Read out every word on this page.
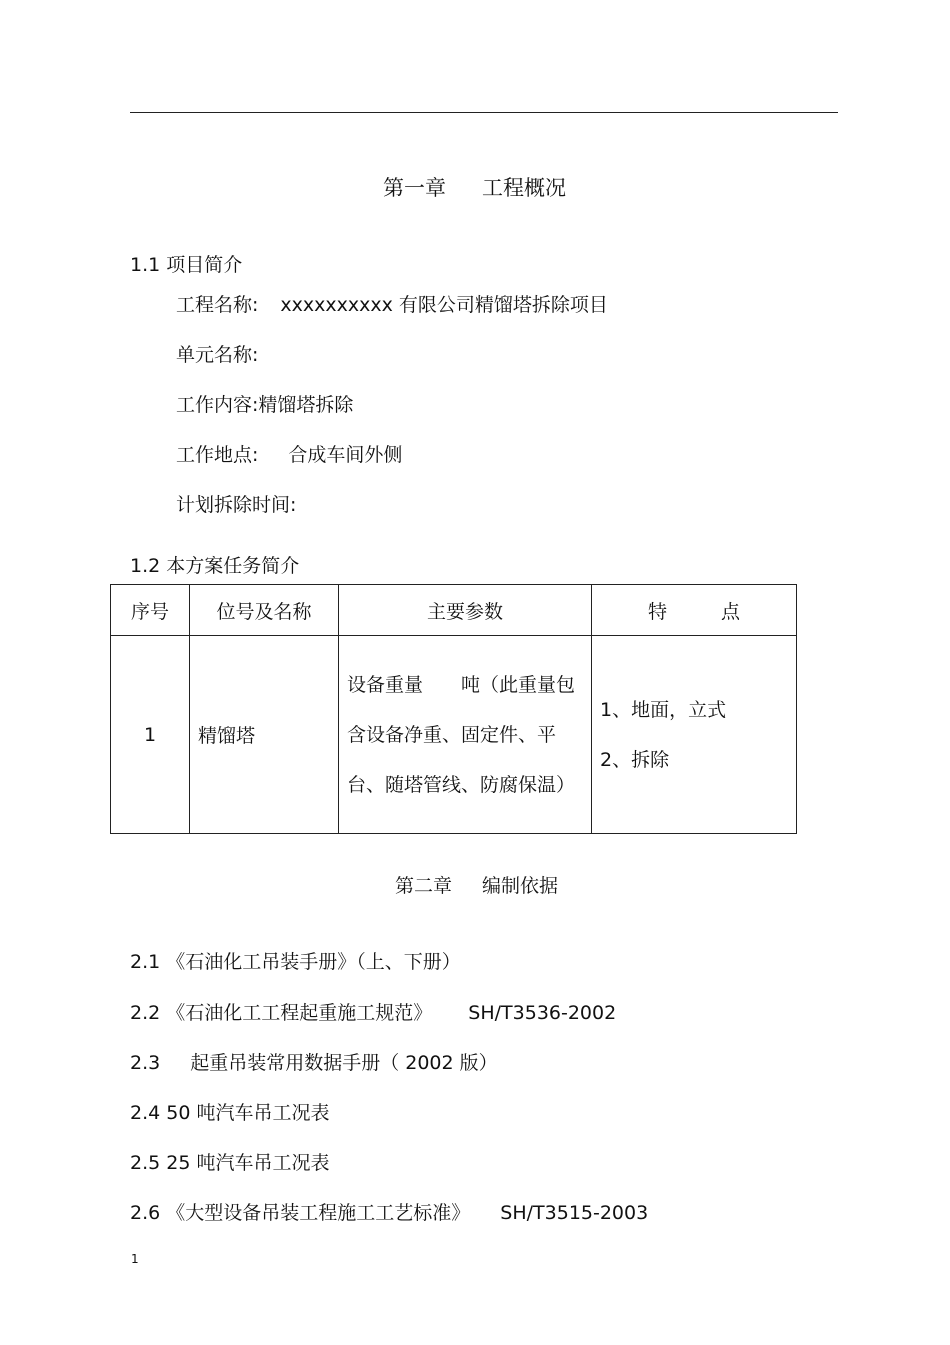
第一章 工程概况
1.1 项目简介
工程名称: xxxxxxxxxx 有限公司精馏塔拆除项目
单元名称:
工作内容:精馏塔拆除
工作地点: 合成车间外侧
计划拆除时间:
1.2 本方案任务简介
序号	位号及名称	主要参数	特 点
1	精馏塔	设备重量　　吨（此重量包含设备净重、固定件、平台、随塔管线、防腐保温）	1、地面，立式
2、拆除
第二章 编制依据
2.1 《石油化工吊装手册》（上、下册）
2.2 《石油化工工程起重施工规范》 SH/T3536-2002
2.3 起重吊装常用数据手册（ 2002 版）
2.4 50 吨汽车吊工况表
2.5 25 吨汽车吊工况表
2.6 《大型设备吊装工程施工工艺标准》 SH/T3515-2003
1
